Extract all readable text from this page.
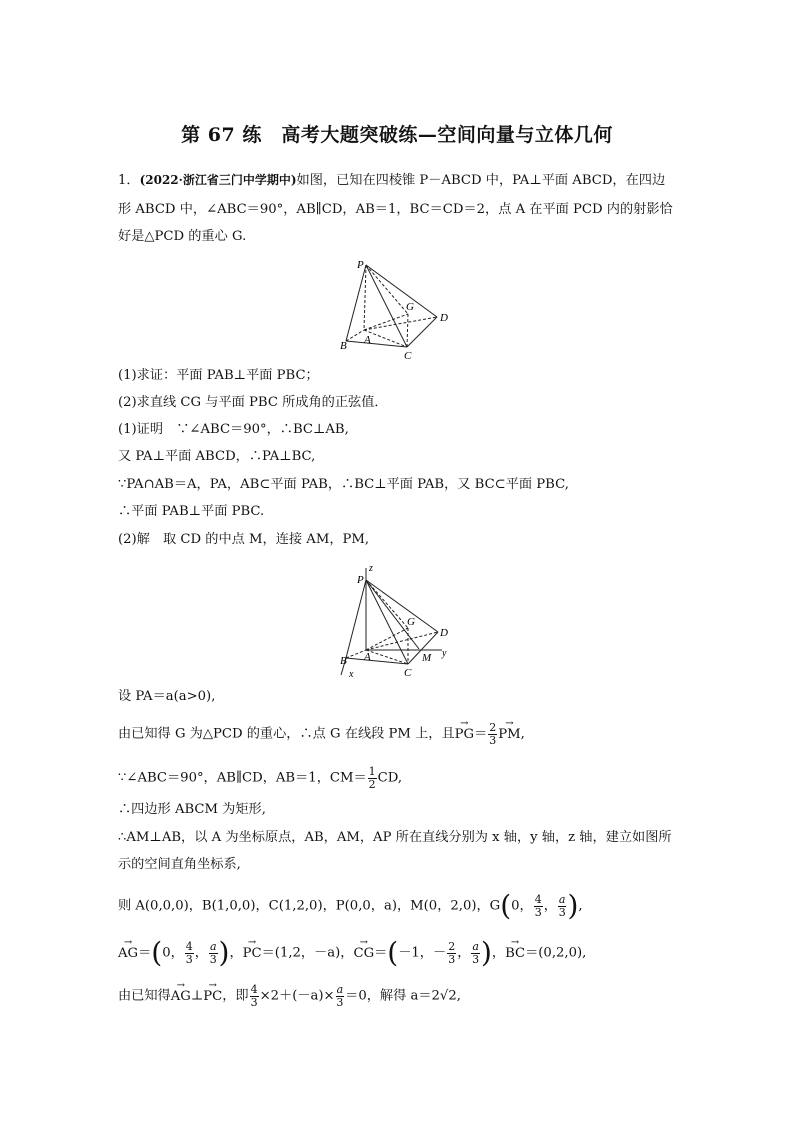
第 67 练　高考大题突破练—空间向量与立体几何
1．(2022·浙江省三门中学期中)如图，已知在四棱锥 P－ABCD 中，PA⊥平面 ABCD，在四边
形 ABCD 中，∠ABC＝90°，AB∥CD，AB＝1，BC＝CD＝2，点 A 在平面 PCD 内的射影恰
好是△PCD 的重心 G.
P
G
D
B A
C
(1)求证：平面 PAB⊥平面 PBC；
(2)求直线 CG 与平面 PBC 所成角的正弦值．
(1)证明　∵∠ABC＝90°，∴BC⊥AB,
又 PA⊥平面 ABCD，∴PA⊥BC,
∵PA∩AB＝A，PA，AB⊂平面 PAB，∴BC⊥平面 PAB，又 BC⊂平面 PBC,
∴平面 PAB⊥平面 PBC.
(2)解　取 CD 的中点 M，连接 AM，PM,
P
z
G
D
B A	M y
x	C
设 PA＝a(a>0),
由已知得 G 为△PCD 的重心，∴点 G 在线段 PM 上，且→ $PG= \frac{2}{3}$
→ PM,
∵∠ABC＝90°，AB∥CD，AB＝1，$CM= \frac{1}{2}$ CD,
∴四边形 ABCM 为矩形,
∴AM⊥AB，以 A 为坐标原点，AB，AM，AP 所在直线分别为 x 轴，y 轴，z 轴，建立如图所
示的空间直角坐标系,
则 A(0,0,0)，B(1,0,0)，C(1,2,0)，P(0,0，a)，M(0，2,0)，G(0， $\frac{4}{3}$ ， $\frac{a}{3}$ ),
→ AG＝(0， $\frac{4}{3}$ ， $\frac{a}{3}$ )，→ PC＝(1,2，－a)，→ CG＝(－1，－ $\frac{2}{3}$ ， $\frac{a}{3}$ )，→ BC＝(0,2,0),
由已知得→ AG⊥→ PC，即 $\frac{4}{3} \times 2+(-a)\times \frac{a}{3} =0$，解得 a＝2√2,
